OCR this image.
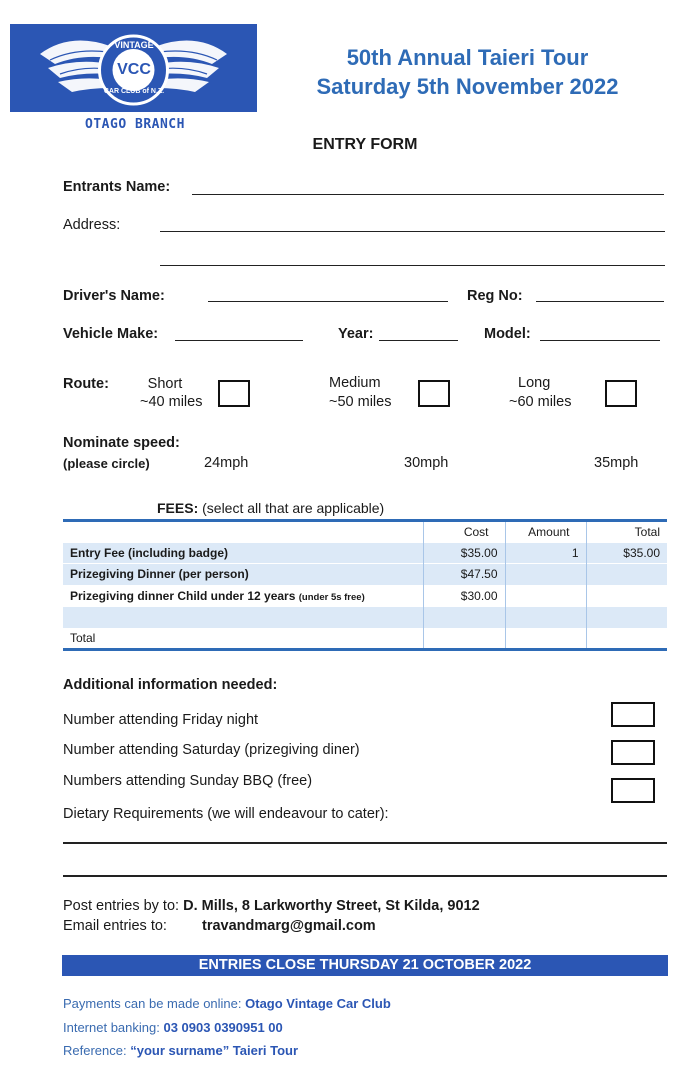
VINTAGE
VCC
CAR CLUB of N.Z.
OTAGO BRANCH
50th Annual Taieri Tour
Saturday 5th November 2022
ENTRY FORM
Entrants Name:
Address:
Driver's Name:	Reg No:
Vehicle Make:	Year:	Model:
Route:	Short
~40 miles
Medium
~50 miles
Long
~60 miles
Nominate speed:
(please circle)	24mph	30mph	35mph
FEES: (select all that are applicable)
	Cost	Amount	Total
Entry Fee (including badge)	$35.00	1	$35.00
Prizegiving Dinner (per person)	$47.50		
Prizegiving dinner Child under 12 years (under 5s free)	$30.00		

Total			
Additional information needed:
Number attending Friday night
Number attending Saturday (prizegiving diner)
Numbers attending Sunday BBQ (free)
Dietary Requirements (we will endeavour to cater):
Post entries by to: D. Mills, 8 Larkworthy Street, St Kilda, 9012
Email entries to: travandmarg@gmail.com
ENTRIES CLOSE THURSDAY 21 OCTOBER 2022
Payments can be made online: Otago Vintage Car Club
Internet banking: 03 0903 0390951 00
Reference: “your surname” Taieri Tour
